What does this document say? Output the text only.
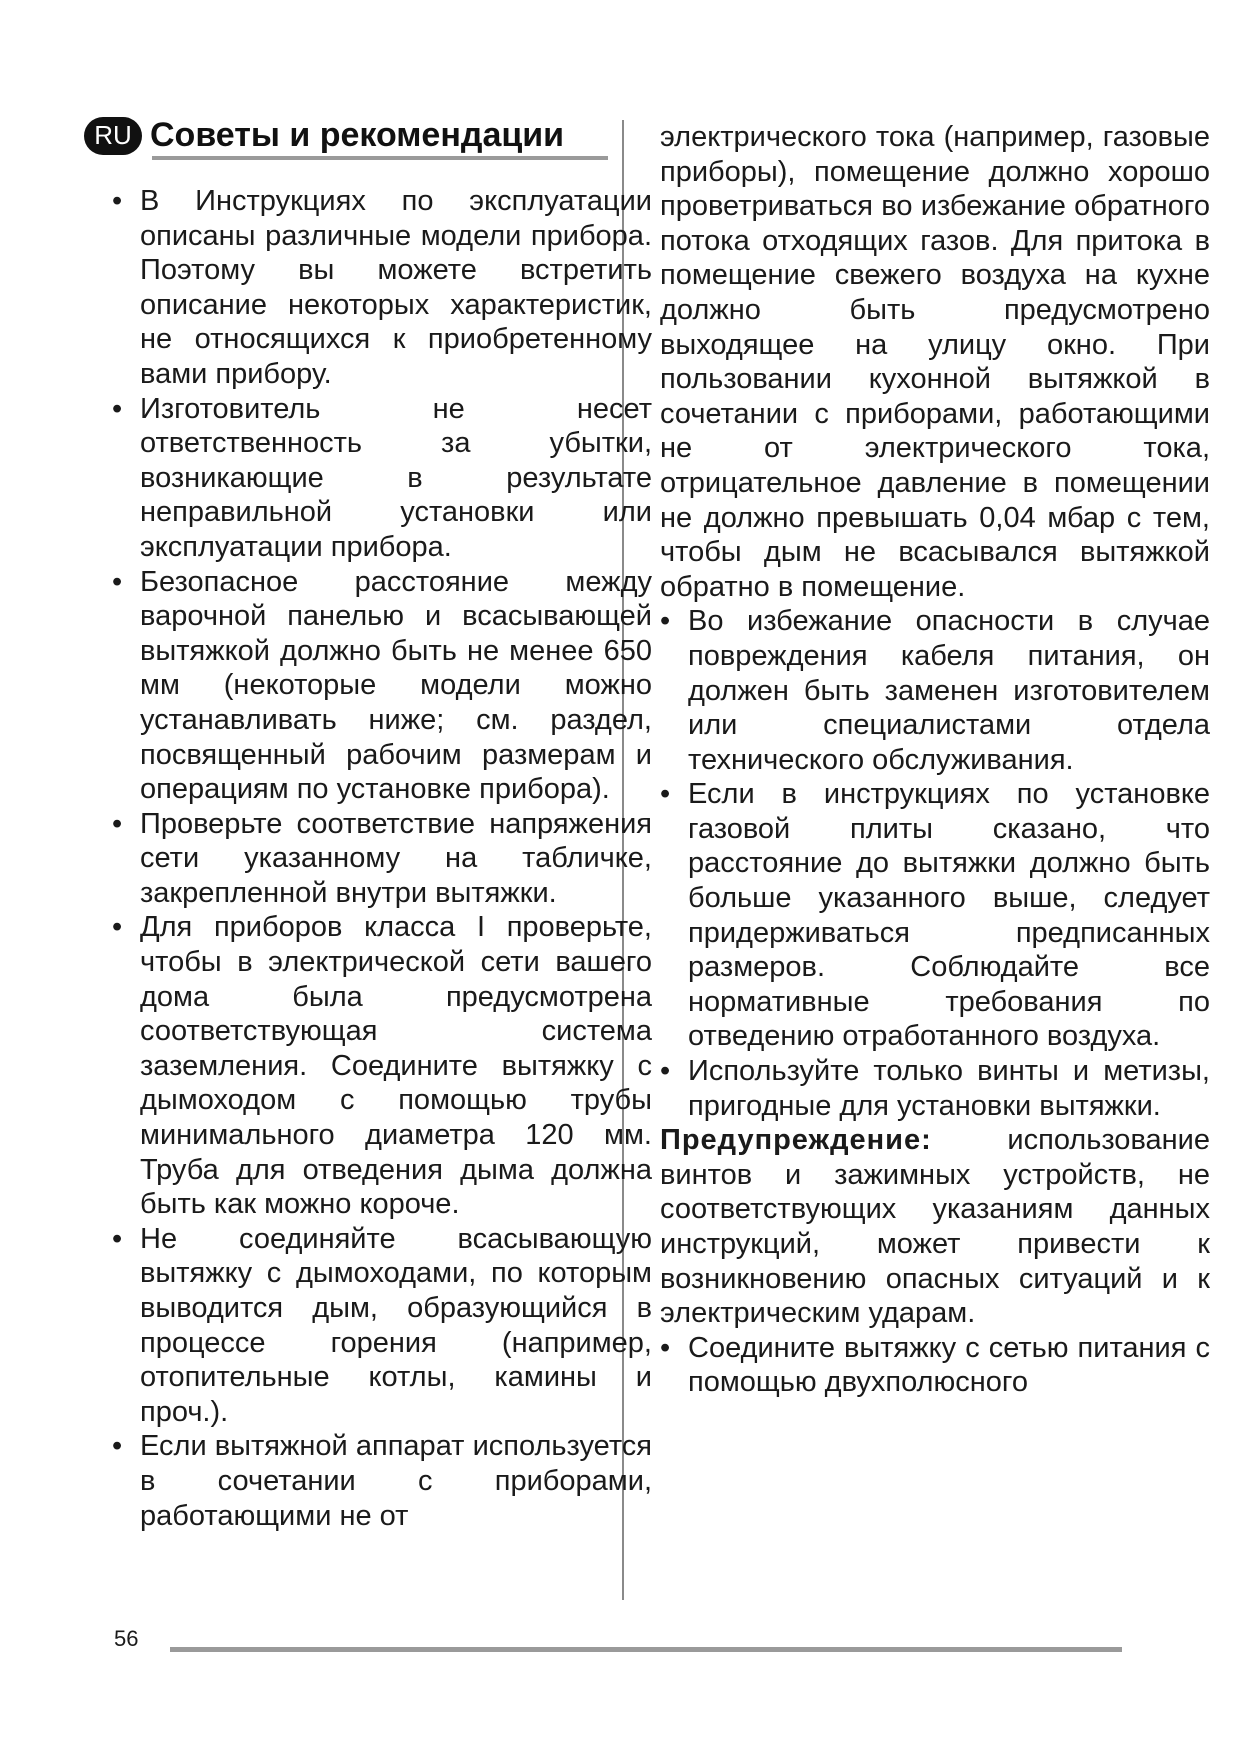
RU Советы и рекомендации

• В Инструкциях по эксплуатации описаны различные модели прибора. Поэтому вы можете встретить описание некоторых характеристик, не относящихся к приобретенному вами прибору.

• Изготовитель не несет ответственность за убытки, возникающие в результате неправильной установки или эксплуатации прибора.

• Безопасное расстояние между варочной панелью и всасывающей вытяжкой должно быть не менее 650 мм (некоторые модели можно устанавливать ниже; см. раздел, посвященный рабочим размерам и операциям по установке прибора).

• Проверьте соответствие напряжения сети указанному на табличке, закрепленной внутри вытяжки.

• Для приборов класса I проверьте, чтобы в электрической сети вашего дома была предусмотрена соответствующая система заземления. Соедините вытяжку с дымоходом с помощью трубы минимального диаметра 120 мм. Труба для отведения дыма должна быть как можно короче.

• Не соединяйте всасывающую вытяжку с дымоходами, по которым выводится дым, образующийся в процессе горения (например, отопительные котлы, камины и проч.).

• Если вытяжной аппарат используется в сочетании с приборами, работающими не от

электрического тока (например, газовые приборы), помещение должно хорошо проветриваться во избежание обратного потока отходящих газов. Для притока в помещение свежего воздуха на кухне должно быть предусмотрено выходящее на улицу окно. При пользовании кухонной вытяжкой в сочетании с приборами, работающими не от электрического тока, отрицательное давление в помещении не должно превышать 0,04 мбар с тем, чтобы дым не всасывался вытяжкой обратно в помещение.

• Во избежание опасности в случае повреждения кабеля питания, он должен быть заменен изготовителем или специалистами отдела технического обслуживания.

• Если в инструкциях по установке газовой плиты сказано, что расстояние до вытяжки должно быть больше указанного выше, следует придерживаться предписанных размеров. Соблюдайте все нормативные требования по отведению отработанного воздуха.

• Используйте только винты и метизы, пригодные для установки вытяжки.

Предупреждение: использование винтов и зажимных устройств, не соответствующих указаниям данных инструкций, может привести к возникновению опасных ситуаций и к электрическим ударам.

• Соедините вытяжку с сетью питания с помощью двухполюсного

56
